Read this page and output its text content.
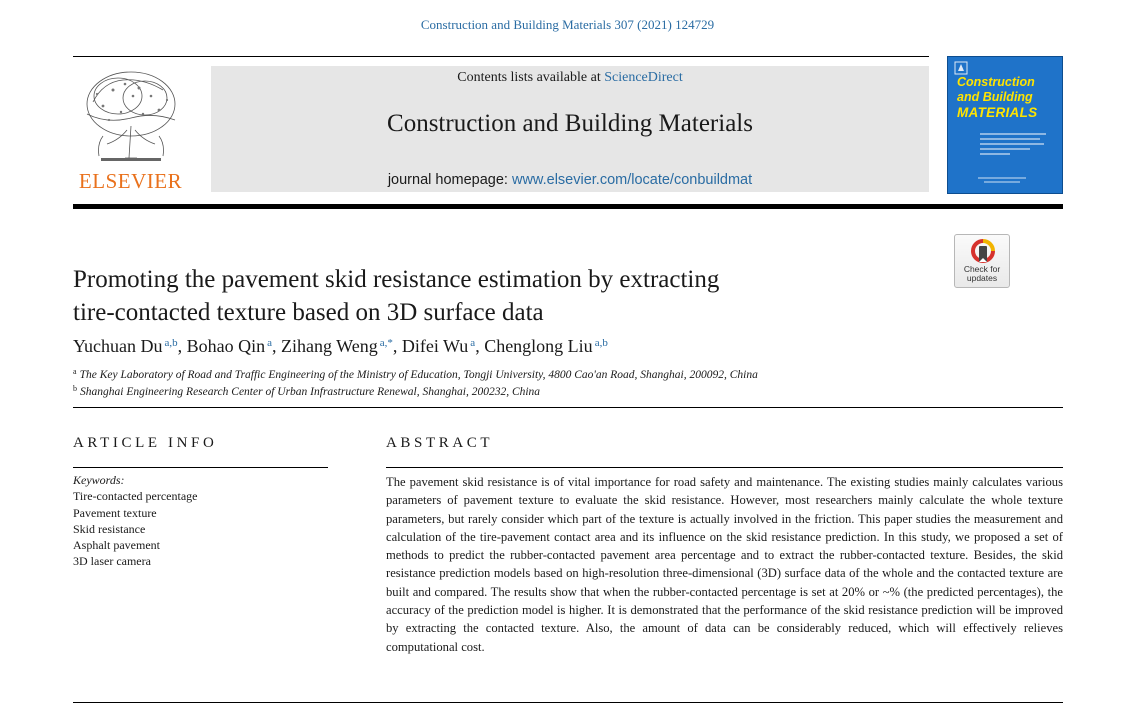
Construction and Building Materials 307 (2021) 124729
ELSEVIER
Contents lists available at ScienceDirect
Construction and Building Materials
journal homepage: www.elsevier.com/locate/conbuildmat
Construction
and Building
MATERIALS
Check for
updates
Promoting the pavement skid resistance estimation by extracting
tire-contacted texture based on 3D surface data
Yuchuan Du $^{a,b}$, Bohao Qin $^a$, Zihang Weng $^{a,*}$, Difei Wu $^a$, Chenglong Liu $^{a,b}$
$^a$ The Key Laboratory of Road and Traffic Engineering of the Ministry of Education, Tongji University, 4800 Cao'an Road, Shanghai, 200092, China
$^b$ Shanghai Engineering Research Center of Urban Infrastructure Renewal, Shanghai, 200232, China
ARTICLE INFO
Keywords:
Tire-contacted percentage
Pavement texture
Skid resistance
Asphalt pavement
3D laser camera
ABSTRACT
The pavement skid resistance is of vital importance for road safety and maintenance. The existing studies mainly calculates various parameters of pavement texture to evaluate the skid resistance. However, most researchers mainly calculate the whole texture parameters, but rarely consider which part of the texture is actually involved in the friction. This paper studies the measurement and calculation of the tire-pavement contact area and its influence on the skid resistance prediction. In this study, we proposed a set of methods to predict the rubber-contacted pavement area percentage and to extract the rubber-contacted texture. Besides, the skid resistance prediction models based on high-resolution three-dimensional (3D) surface data of the whole and the contacted texture are built and compared. The results show that when the rubber-contacted percentage is set at 20% or ~% (the predicted percentages), the accuracy of the prediction model is higher. It is demonstrated that the performance of the skid resistance prediction will be improved by extracting the contacted texture. Also, the amount of data can be considerably reduced, which will effectively relieves computational cost.
